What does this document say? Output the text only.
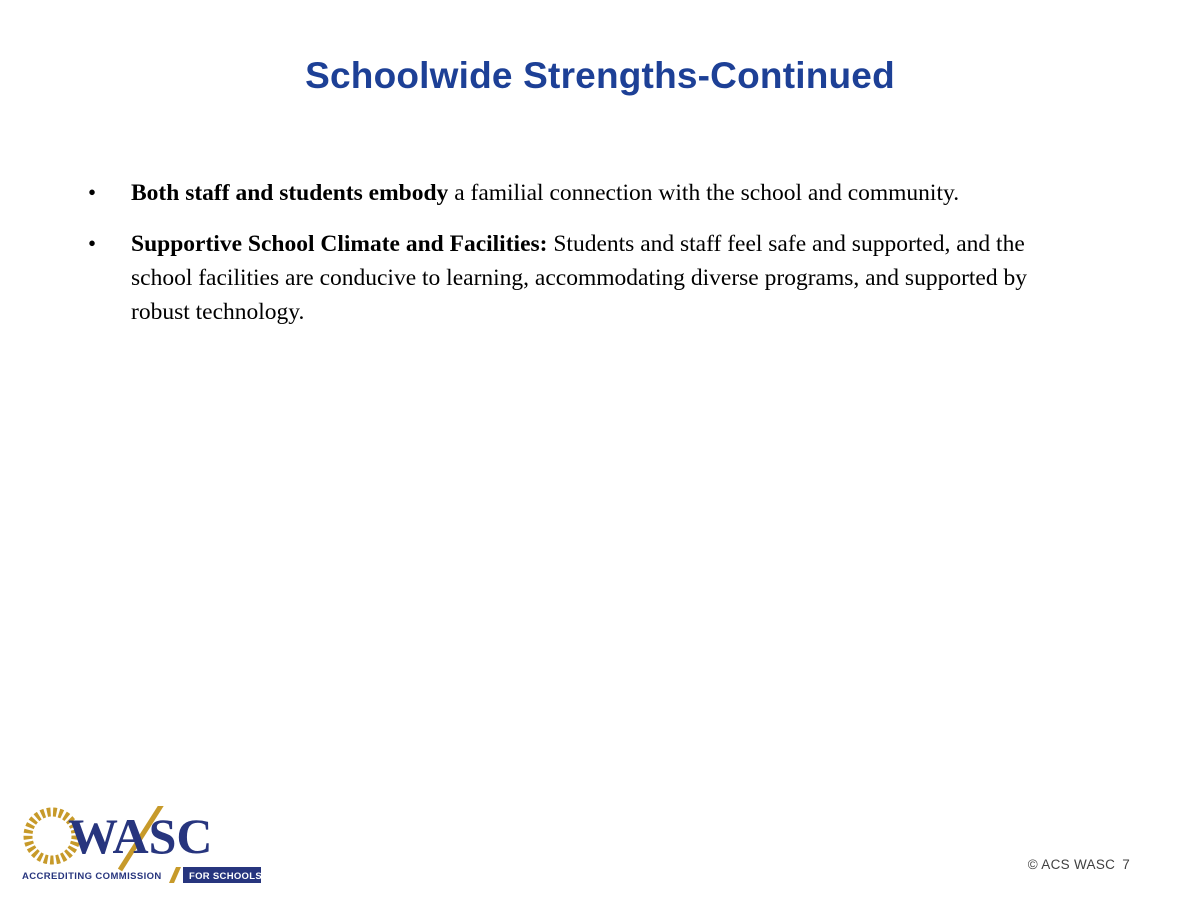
Schoolwide Strengths-Continued
•	Both staff and students embody a familial connection with the school and community.

•	Supportive School Climate and Facilities: Students and staff feel safe and supported, and the school facilities are conducive to learning, accommodating diverse programs, and supported by robust technology.

WASC
ACCREDITING COMMISSION	FOR SCHOOLS
© ACS WASC 7
